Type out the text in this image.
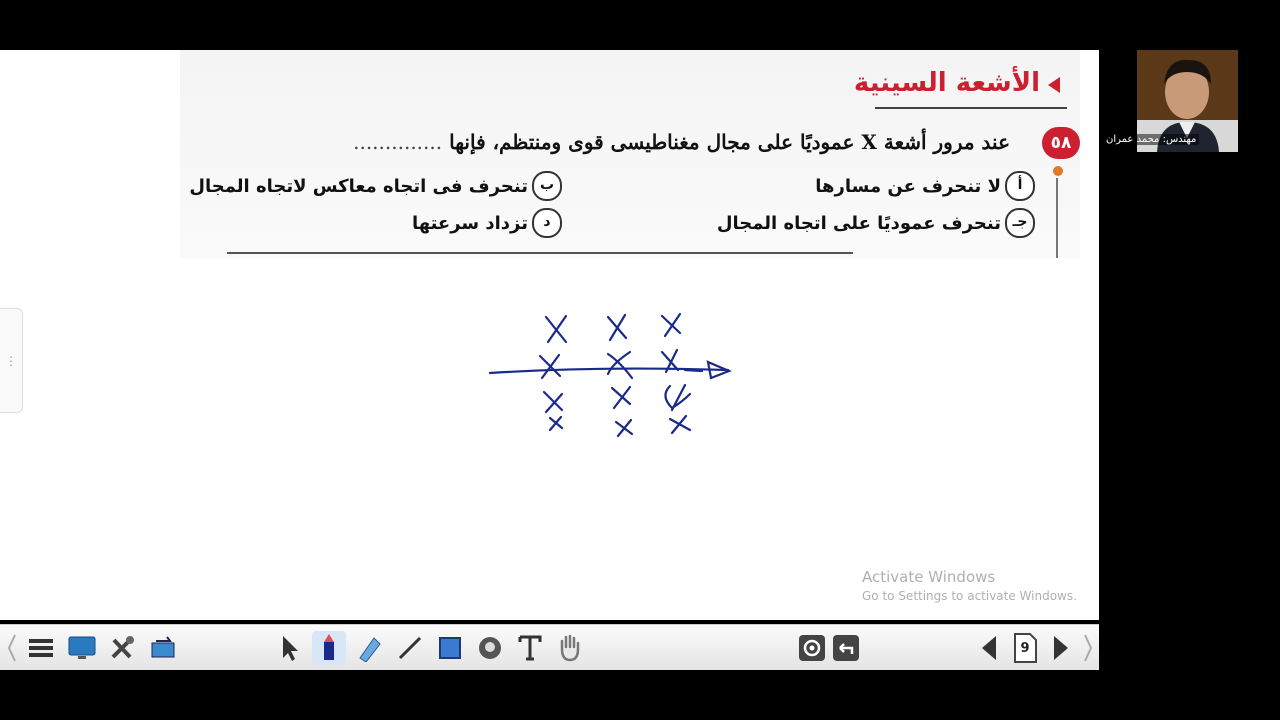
الأشعة السينية
٥٨
عند مرور أشعة X عموديًا على مجال مغناطيسى قوى ومنتظم، فإنها ..............
أ
لا تنحرف عن مسارها
ب
تنحرف فى اتجاه معاكس لاتجاه المجال
جـ
تنحرف عموديًا على اتجاه المجال
د
تزداد سرعتها
⋮
Activate Windows
Go to Settings to activate Windows.
مهندس: محمد عمران
9
